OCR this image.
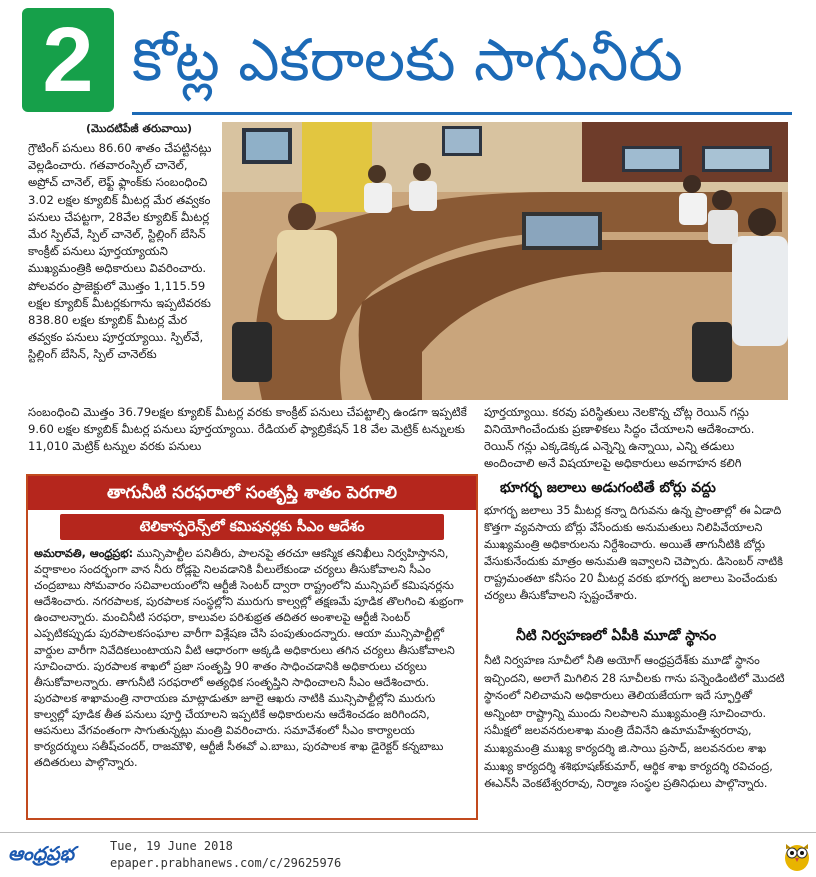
2 కోట్ల ఎకరాలకు సాగునీరు
(మొదటిపేజీ తరువాయి)
గ్రౌటింగ్ పనులు 86.60 శాతం చేపట్టినట్లు వెల్లడించారు. గతవారంస్పిల్ చానెల్, అప్రోచ్ చానెల్, లెఫ్ట్ ఫ్లాంక్‌కు సంబంధించి 3.02 లక్షల క్యూబిక్ మీటర్ల మేర తవ్వకం పనులు చేపట్టగా, 28వేల క్యూబిక్ మీటర్ల మేర స్పిల్‌వే, స్పిల్ చానెల్, స్టిల్లింగ్ బేసిన్ కాంక్రీట్ పనులు పూర్తయ్యాయని ముఖ్యమంత్రికి అధికారులు వివరించారు. పోలవరం ప్రాజెక్టులో మొత్తం 1,115.59 లక్షల క్యూబిక్ మీటర్లకుగాను ఇప్పటివరకు 838.80 లక్షల క్యూబిక్ మీటర్ల మేర తవ్వకం పనులు పూర్తయ్యాయి. స్పిల్‌వే, స్టిల్లింగ్ బేసిన్, స్పిల్ చానెల్‌కు
సంబంధించి మొత్తం 36.79లక్షల క్యూబిక్ మీటర్ల వరకు కాంక్రీట్ పనులు చేపట్టాల్సి ఉండగా ఇప్పటికే 9.60 లక్షల క్యూబిక్ మీటర్ల పనులు పూర్తయ్యాయి. రేడియల్ ఫ్యాబ్రికేషన్ 18 వేల మెట్రిక్ టన్నులకు 11,010 మెట్రిక్ టన్నుల వరకు పనులు
పూర్తయ్యాయి. కరవు పరిస్థితులు నెలకొన్న చోట్ల రెయిన్ గన్లు వినియోగించేందుకు ప్రణాళికలు సిద్ధం చేయాలని ఆదేశించారు. రెయిన్ గన్లు ఎక్కడెక్కడ ఎన్నెన్ని ఉన్నాయి, ఎన్ని తడులు అందించాలి అనే విషయాలపై అధికారులు అవగాహన కలిగి
తాగునీటి సరఫరాలో సంతృప్తి శాతం పెరగాలి
టెలికాన్ఫరెన్స్‌లో కమిషనర్లకు సీఎం ఆదేశం
అమరావతి, ఆంధ్రప్రభ: మున్సిపాల్టీల పనితీరు, పాలనపై తరచూ ఆకస్మిక తనిఖీలు నిర్వహిస్తానని, వర్షాకాలం సందర్భంగా వాన నీరు రోడ్లపై నిలవడానికి వీలులేకుండా చర్యలు తీసుకోవాలని సీఎం చంద్రబాబు సోమవారం సచివాలయంలోని ఆర్టీజీ సెంటర్ ద్వారా రాష్ట్రంలోని మున్సిపల్ కమిషనర్లను ఆదేశించారు. నగరపాలక, పురపాలక సంస్థల్లోని మురుగు కాల్వల్లో తక్షణమే పూడిక తొలగించి శుభ్రంగా ఉంచాలన్నారు. మంచినీటి సరఫరా, కాలువల పరిశుభ్రత తదితర అంశాలపై ఆర్టీజీ సెంటర్ ఎప్పటికప్పుడు పురపాలకసంఘాల వారీగా విశ్లేషణ చేసి పంపుతుందన్నారు. ఆయా మున్సిపాల్టీల్లో వార్డుల వారీగా నివేదికలుంటాయని వీటి ఆధారంగా అక్కడి అధికారులు తగిన చర్యలు తీసుకోవాలని సూచించారు. పురపాలక శాఖలో ప్రజా సంతృప్తి 90 శాతం సాధించడానికి అధికారులు చర్యలు తీసుకోవాలన్నారు. తాగునీటి సరఫరాలో అత్యధిక సంతృప్తిని సాధించాలని సీఎం ఆదేశించారు. పురపాలక శాఖామంత్రి నారాయణ మాట్లాడుతూ జూలై ఆఖరు నాటికి మున్సిపాల్టీల్లోని మురుగు కాల్వల్లో పూడిక తీత పనులు పూర్తి చేయాలని ఇప్పటికే అధికారులను ఆదేశించడం జరిగిందని, ఆపనులు వేగవంతంగా సాగుతున్నట్లు మంత్రి వివరించారు. సమావేశంలో సీఎం కార్యాలయ కార్యదర్శులు సతీష్‌చందర్, రాజమౌళి, ఆర్టీజీ సీఈవో ఎ.బాబు, పురపాలక శాఖ డైరెక్టర్ కన్నబాబు తదితరులు పాల్గొన్నారు.
భూగర్భ జలాలు అడుగంటితే బోర్లు వద్దు
భూగర్భ జలాలు 35 మీటర్ల కన్నా దిగువను ఉన్న ప్రాంతాల్లో ఈ ఏడాది కొత్తగా వ్యవసాయ బోర్లు వేసేందుకు అనుమతులు నిలిపివేయాలని ముఖ్యమంత్రి అధికారులను నిర్దేశించారు. అయితే తాగునీటికి బోర్లు వేసుకునేందుకు మాత్రం అనుమతి ఇవ్వాలని చెప్పారు. డిసెంబర్ నాటికి రాష్ట్రమంతటా కనీసం 20 మీటర్ల వరకు భూగర్భ జలాలు పెంచేందుకు చర్యలు తీసుకోవాలని స్పష్టంచేశారు.
నీటి నిర్వహణలో ఏపీకి మూడో స్థానం
నీటి నిర్వహణ సూచీలో నీతి అయోగ్ ఆంధ్రప్రదేశ్‌కు మూడో స్థానం ఇచ్చిందని, అలాగే మిగిలిన 28 సూచీలకు గాను పన్నెండింటిలో మొదటి స్థానంలో నిలిచామని అధికారులు తెలియజేయగా ఇదే స్ఫూర్తితో అన్నింటా రాష్ట్రాన్ని ముందు నిలపాలని ముఖ్యమంత్రి సూచించారు. సమీక్షలో జలవనరులశాఖ మంత్రి దేవినేని ఉమామహేశ్వరరావు, ముఖ్యమంత్రి ముఖ్య కార్యదర్శి జి.సాయి ప్రసాద్, జలవనరుల శాఖ ముఖ్య కార్యదర్శి శశిభూషణ్‌కుమార్, ఆర్థిక శాఖ కార్యదర్శి రవిచంద్ర, ఈఎన్‌సీ వెంకటేశ్వరరావు, నిర్మాణ సంస్థల ప్రతినిధులు పాల్గొన్నారు.
ఆంధ్రప్రభ	Tue, 19 June 2018
epaper.prabhanews.com/c/29625976
